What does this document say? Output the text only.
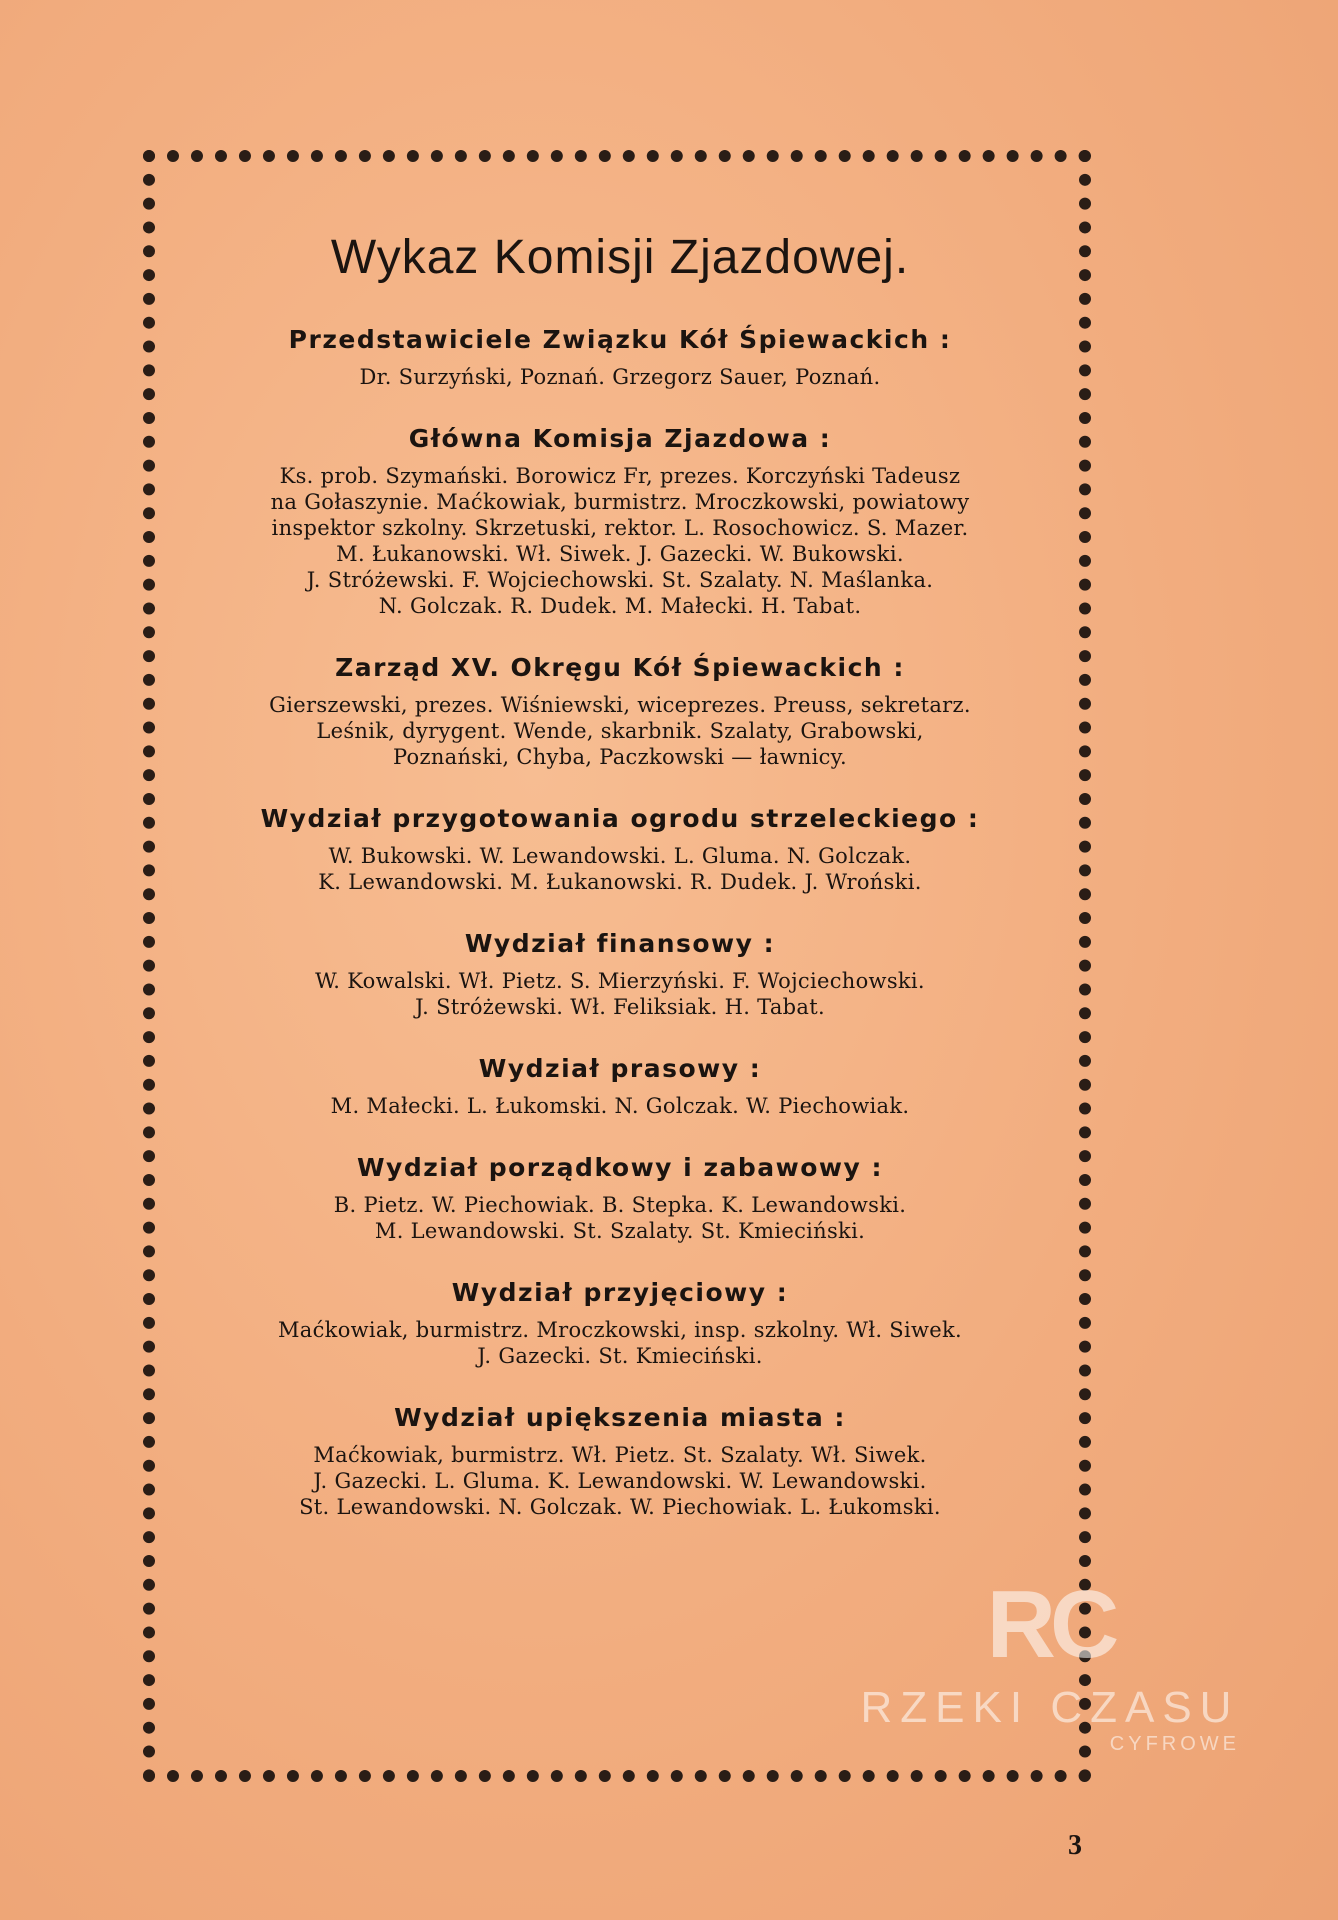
Wykaz Komisji Zjazdowej.
Przedstawiciele Związku Kół Śpiewackich :
Dr. Surzyński, Poznań. Grzegorz Sauer, Poznań.
Główna Komisja Zjazdowa :
Ks. prob. Szymański. Borowicz Fr, prezes. Korczyński Tadeusz
na Gołaszynie. Maćkowiak, burmistrz. Mroczkowski, powiatowy
inspektor szkolny. Skrzetuski, rektor. L. Rosochowicz. S. Mazer.
M. Łukanowski. Wł. Siwek. J. Gazecki. W. Bukowski.
J. Stróżewski. F. Wojciechowski. St. Szalaty. N. Maślanka.
N. Golczak. R. Dudek. M. Małecki. H. Tabat.
Zarząd XV. Okręgu Kół Śpiewackich :
Gierszewski, prezes. Wiśniewski, wiceprezes. Preuss, sekretarz.
Leśnik, dyrygent. Wende, skarbnik. Szalaty, Grabowski,
Poznański, Chyba, Paczkowski — ławnicy.
Wydział przygotowania ogrodu strzeleckiego :
W. Bukowski. W. Lewandowski. L. Gluma. N. Golczak.
K. Lewandowski. M. Łukanowski. R. Dudek. J. Wroński.
Wydział finansowy :
W. Kowalski. Wł. Pietz. S. Mierzyński. F. Wojciechowski.
J. Stróżewski. Wł. Feliksiak. H. Tabat.
Wydział prasowy :
M. Małecki. L. Łukomski. N. Golczak. W. Piechowiak.
Wydział porządkowy i zabawowy :
B. Pietz. W. Piechowiak. B. Stepka. K. Lewandowski.
M. Lewandowski. St. Szalaty. St. Kmieciński.
Wydział przyjęciowy :
Maćkowiak, burmistrz. Mroczkowski, insp. szkolny. Wł. Siwek.
J. Gazecki. St. Kmieciński.
Wydział upiększenia miasta :
Maćkowiak, burmistrz. Wł. Pietz. St. Szalaty. Wł. Siwek.
J. Gazecki. L. Gluma. K. Lewandowski. W. Lewandowski.
St. Lewandowski. N. Golczak. W. Piechowiak. L. Łukomski.
3
RC
RZEKI CZASU
CYFROWE
